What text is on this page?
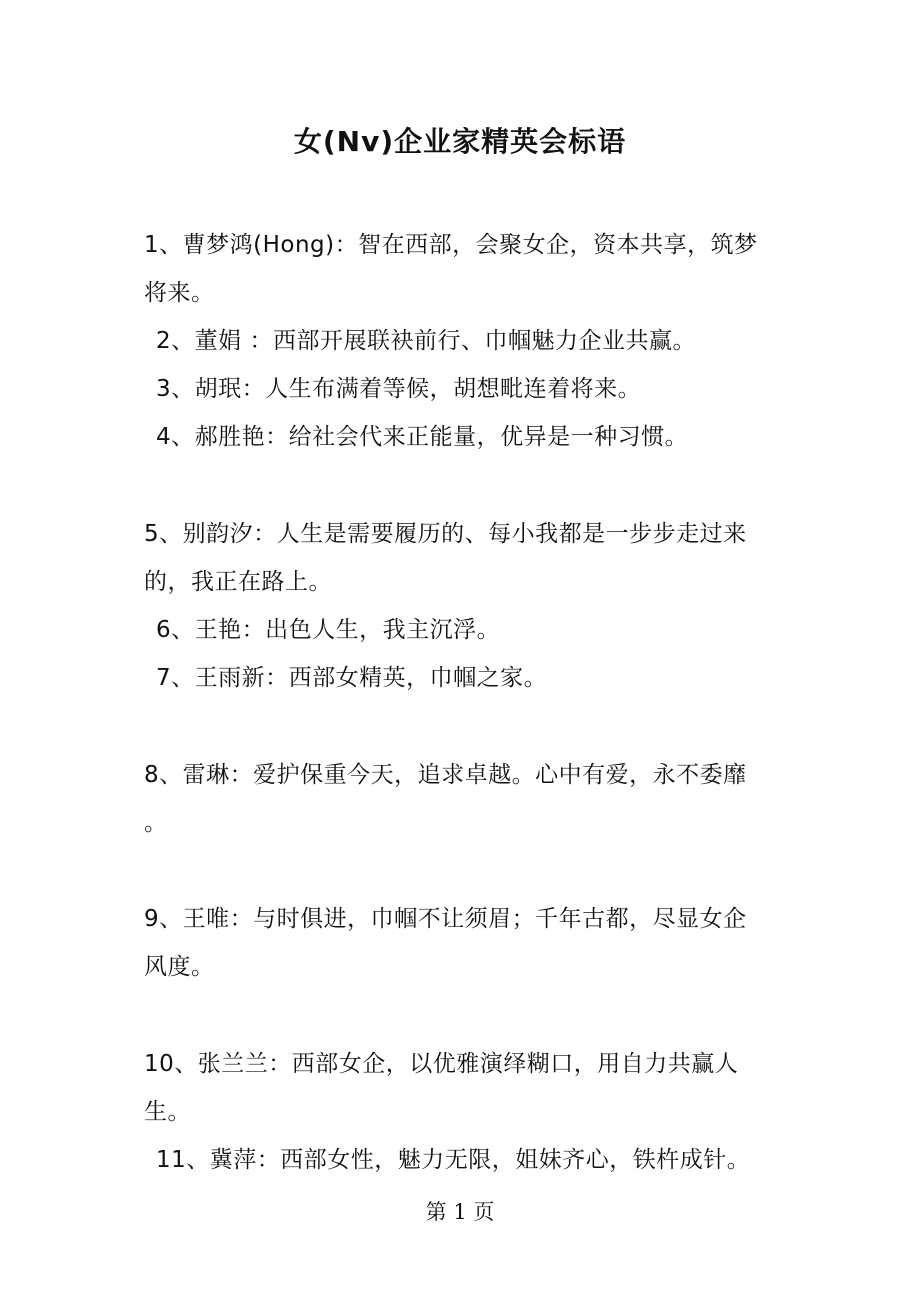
女(Nv)企业家精英会标语
1、曹梦鸿(Hong)：智在西部，会聚女企，资本共享，筑梦
将来。
2、董娟 ：西部开展联袂前行、巾帼魅力企业共赢。
3、胡珉：人生布满着等候，胡想毗连着将来。
4、郝胜艳：给社会代来正能量，优异是一种习惯。
5、别韵汐：人生是需要履历的、每小我都是一步步走过来
的，我正在路上。
6、王艳：出色人生，我主沉浮。
7、王雨新：西部女精英，巾帼之家。
8、雷琳：爱护保重今天，追求卓越。心中有爱，永不委靡
。
9、王唯：与时俱进，巾帼不让须眉；千年古都，尽显女企
风度。
10、张兰兰：西部女企，以优雅演绎糊口，用自力共赢人
生。
11、冀萍：西部女性，魅力无限，姐妹齐心，铁杵成针。
第 1 页
